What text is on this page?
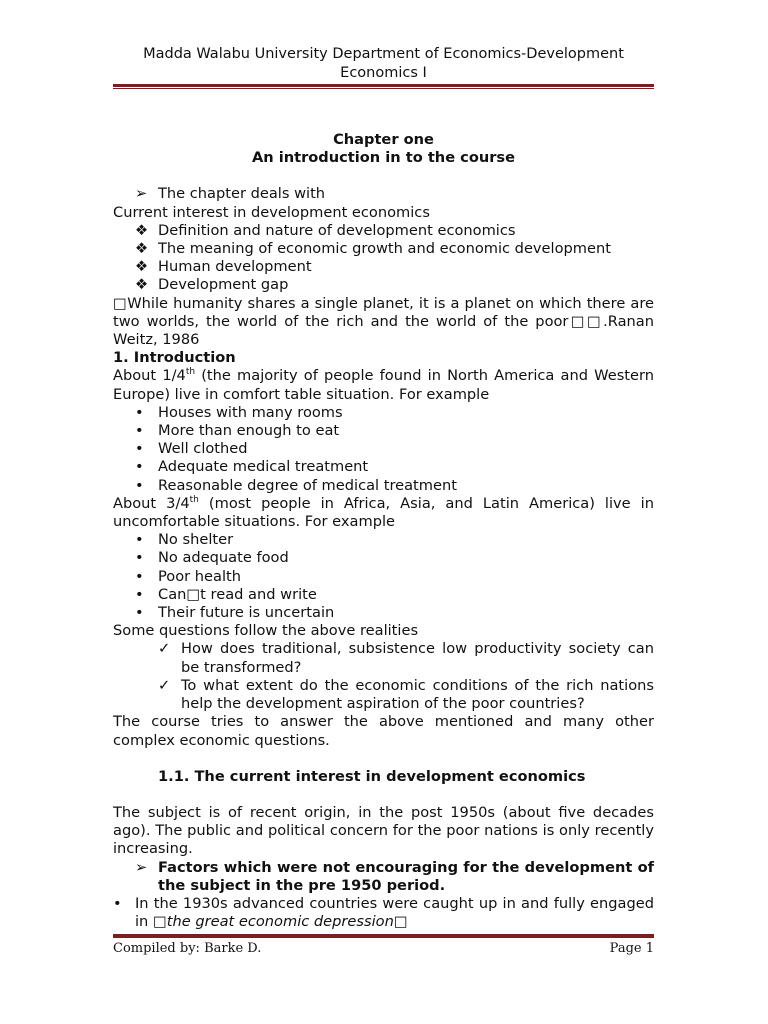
Madda Walabu University Department of Economics-Development
Economics I

Chapter one

An introduction in to the course

➢ The chapter deals with

Current interest in development economics

❖ Definition and nature of development economics
❖ The meaning of economic growth and economic development
❖ Human development
❖ Development gap

□While humanity shares a single planet, it is a planet on which there are two worlds, the world of the rich and the world of the poor□□.Ranan Weitz, 1986

1. Introduction

About 1/4th (the majority of people found in North America and Western Europe) live in comfort table situation. For example

• Houses with many rooms
• More than enough to eat
• Well clothed
• Adequate medical treatment
• Reasonable degree of medical treatment

About 3/4th (most people in Africa, Asia, and Latin America) live in uncomfortable situations. For example

• No shelter
• No adequate food
• Poor health
• Can□t read and write
• Their future is uncertain

Some questions follow the above realities

✓ How does traditional, subsistence low productivity society can be transformed?
✓ To what extent do the economic conditions of the rich nations help the development aspiration of the poor countries?

The course tries to answer the above mentioned and many other complex economic questions.

1.1. The current interest in development economics

The subject is of recent origin, in the post 1950s (about five decades ago). The public and political concern for the poor nations is only recently increasing.

➢ Factors which were not encouraging for the development of the subject in the pre 1950 period.
• In the 1930s advanced countries were caught up in and fully engaged in □the great economic depression□
Compiled by: Barke D.	Page 1
